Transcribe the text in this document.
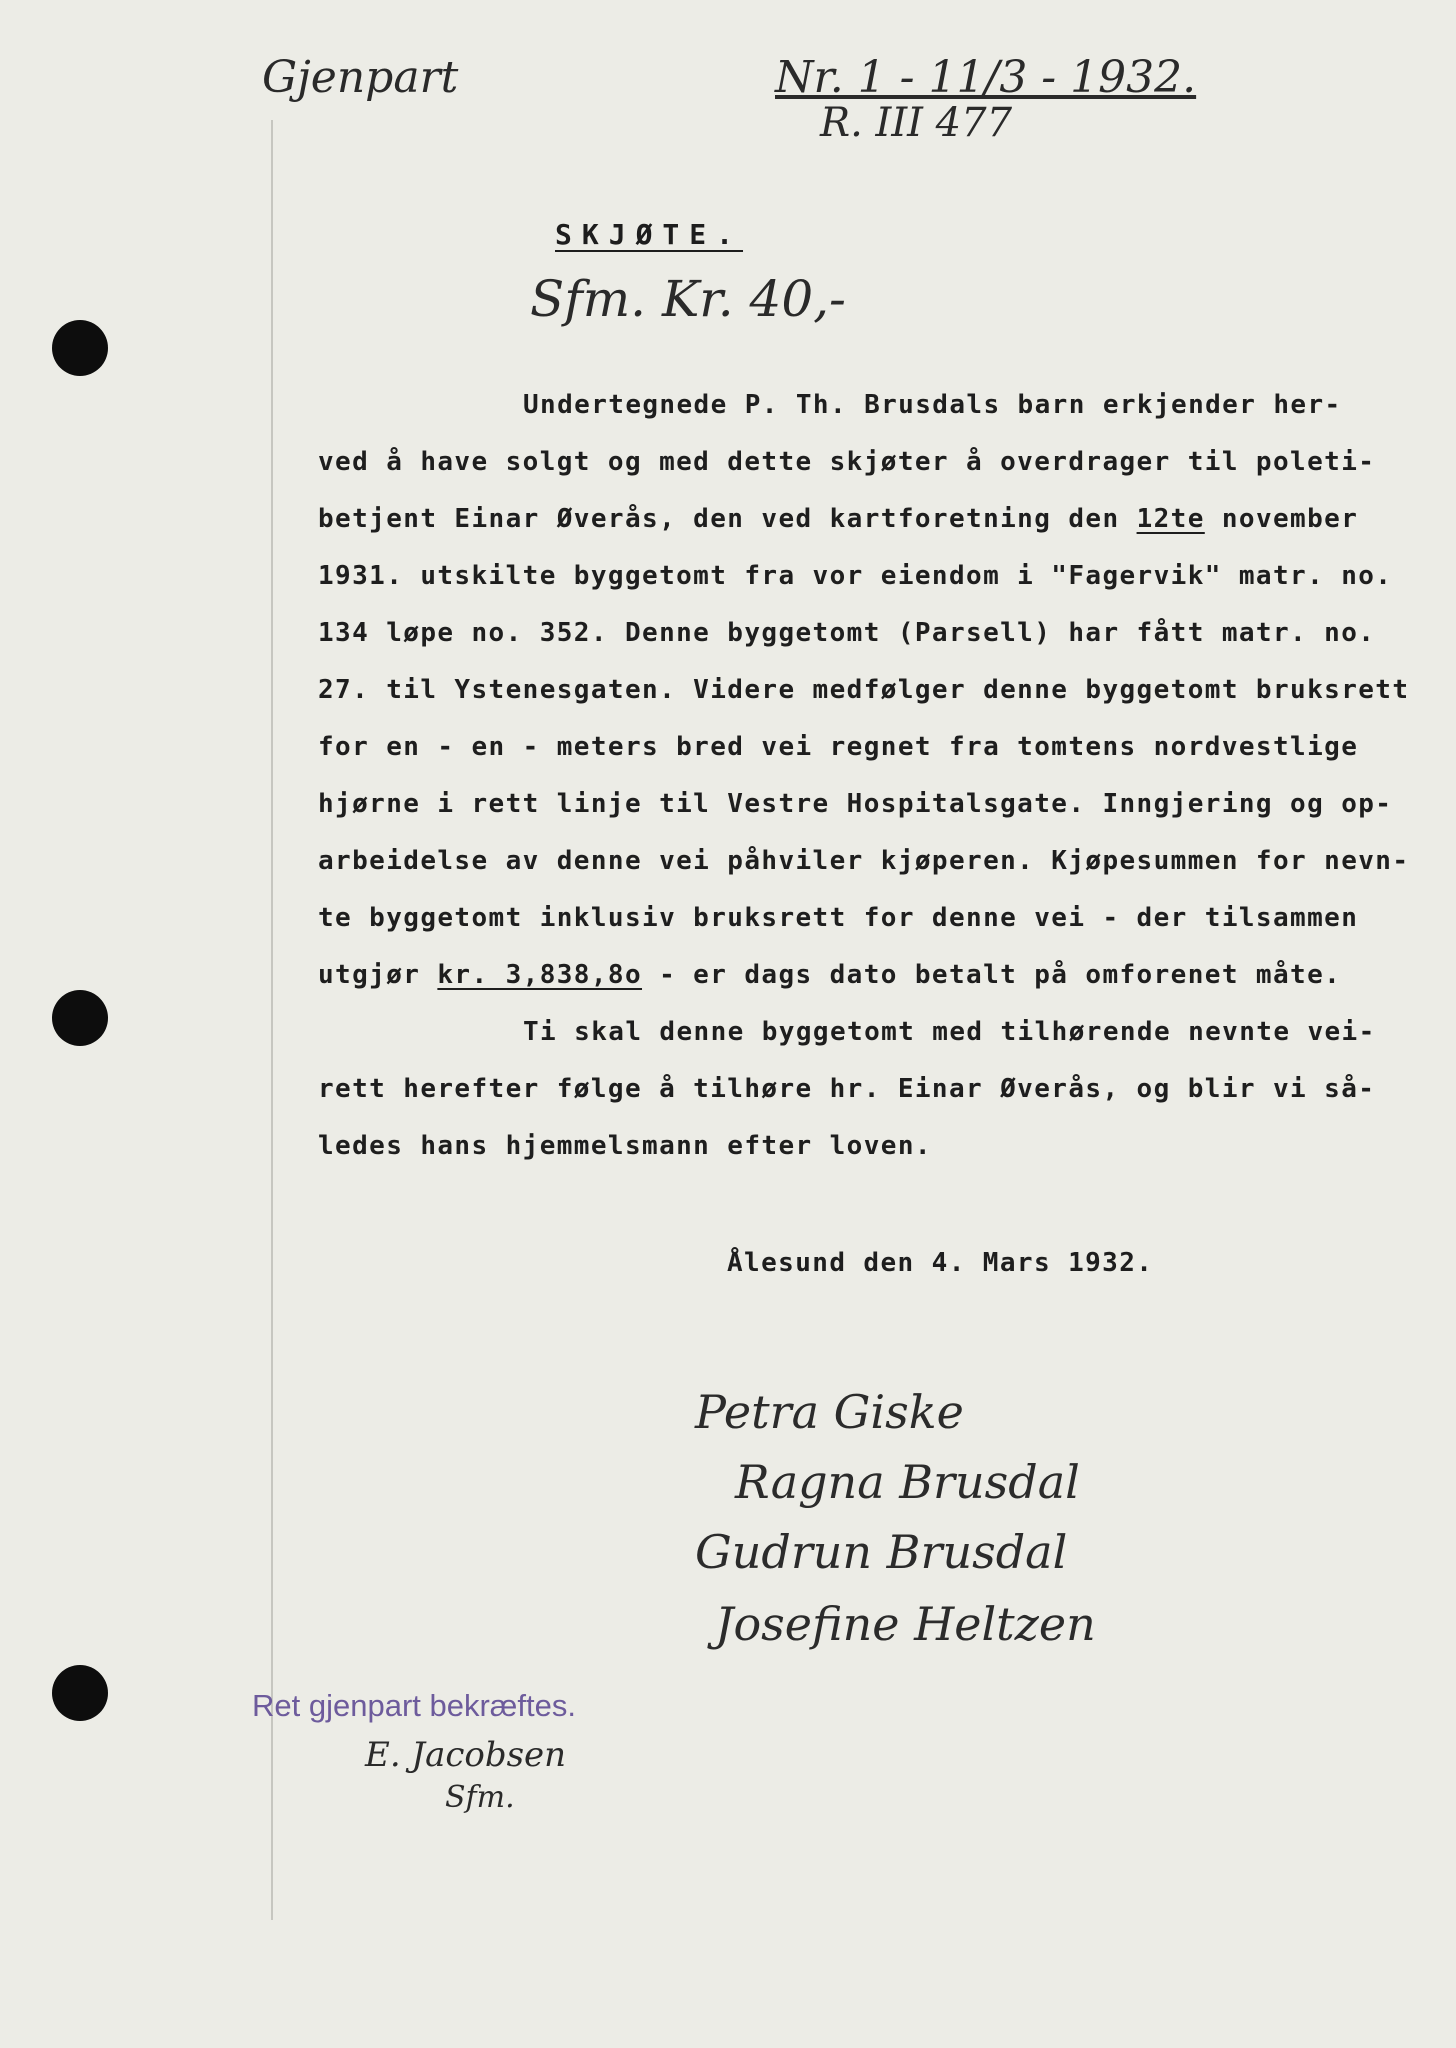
Gjenpart	Nr. 1 - 11/3 - 1932.
R. III 477
SKJØTE.
Sfm. Kr. 40,-
Undertegnede P. Th. Brusdals barn erkjender her-
ved å have solgt og med dette skjøter å overdrager til poleti-
betjent Einar Øverås, den ved kartforetning den 12te november
1931. utskilte byggetomt fra vor eiendom i "Fagervik" matr. no.
134 løpe no. 352. Denne byggetomt (Parsell) har fått matr. no.
27. til Ystenesgaten. Videre medfølger denne byggetomt bruksrett
for en - en - meters bred vei regnet fra tomtens nordvestlige
hjørne i rett linje til Vestre Hospitalsgate. Inngjering og op-
arbeidelse av denne vei påhviler kjøperen. Kjøpesummen for nevn-
te byggetomt inklusiv bruksrett for denne vei - der tilsammen
utgjør kr. 3,838,8o - er dags dato betalt på omforenet måte.
Ti skal denne byggetomt med tilhørende nevnte vei-
rett herefter følge å tilhøre hr. Einar Øverås, og blir vi så-
ledes hans hjemmelsmann efter loven.
Ålesund den 4. Mars 1932.
Petra Giske
Ragna Brusdal
Gudrun Brusdal
Josefine Heltzen
Ret gjenpart bekræftes.
E. Jacobsen
Sfm.
